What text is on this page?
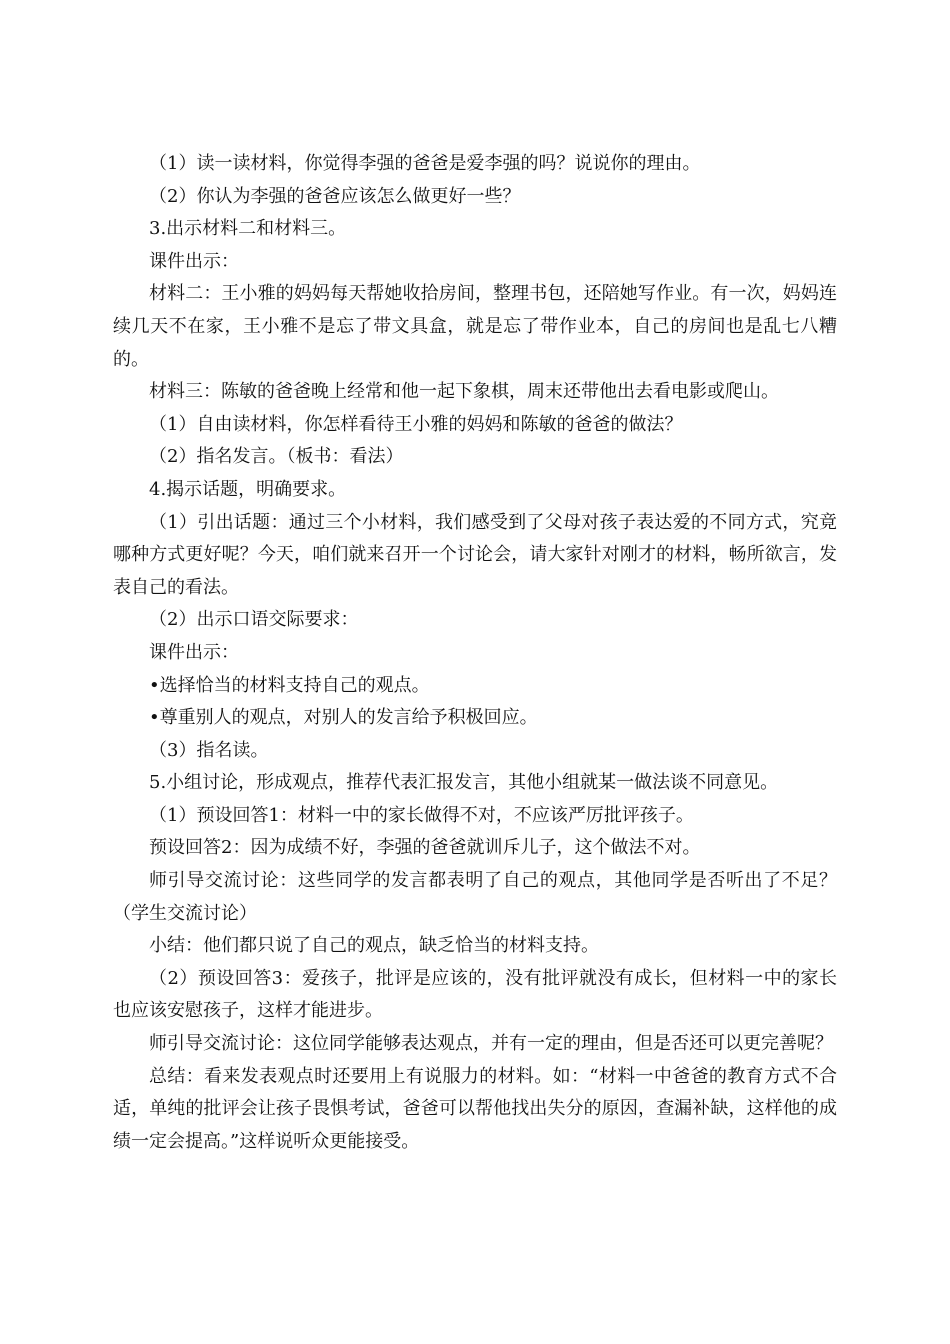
（1）读一读材料，你觉得李强的爸爸是爱李强的吗？说说你的理由。

（2）你认为李强的爸爸应该怎么做更好一些？

3.出示材料二和材料三。

课件出示：

材料二：王小雅的妈妈每天帮她收拾房间，整理书包，还陪她写作业。有一次，妈妈连续几天不在家，王小雅不是忘了带文具盒，就是忘了带作业本，自己的房间也是乱七八糟的。

材料三：陈敏的爸爸晚上经常和他一起下象棋，周末还带他出去看电影或爬山。

（1）自由读材料，你怎样看待王小雅的妈妈和陈敏的爸爸的做法？

（2）指名发言。（板书：看法）

4.揭示话题，明确要求。

（1）引出话题：通过三个小材料，我们感受到了父母对孩子表达爱的不同方式，究竟哪种方式更好呢？今天，咱们就来召开一个讨论会，请大家针对刚才的材料，畅所欲言，发表自己的看法。

（2）出示口语交际要求：

课件出示：

•选择恰当的材料支持自己的观点。

•尊重别人的观点，对别人的发言给予积极回应。

（3）指名读。

5.小组讨论，形成观点，推荐代表汇报发言，其他小组就某一做法谈不同意见。

（1）预设回答1：材料一中的家长做得不对，不应该严厉批评孩子。

预设回答2：因为成绩不好，李强的爸爸就训斥儿子，这个做法不对。

师引导交流讨论：这些同学的发言都表明了自己的观点，其他同学是否听出了不足？（学生交流讨论）

小结：他们都只说了自己的观点，缺乏恰当的材料支持。

（2）预设回答3：爱孩子，批评是应该的，没有批评就没有成长，但材料一中的家长也应该安慰孩子，这样才能进步。

师引导交流讨论：这位同学能够表达观点，并有一定的理由，但是否还可以更完善呢？

总结：看来发表观点时还要用上有说服力的材料。如：“材料一中爸爸的教育方式不合适，单纯的批评会让孩子畏惧考试，爸爸可以帮他找出失分的原因，查漏补缺，这样他的成绩一定会提高。”这样说听众更能接受。
